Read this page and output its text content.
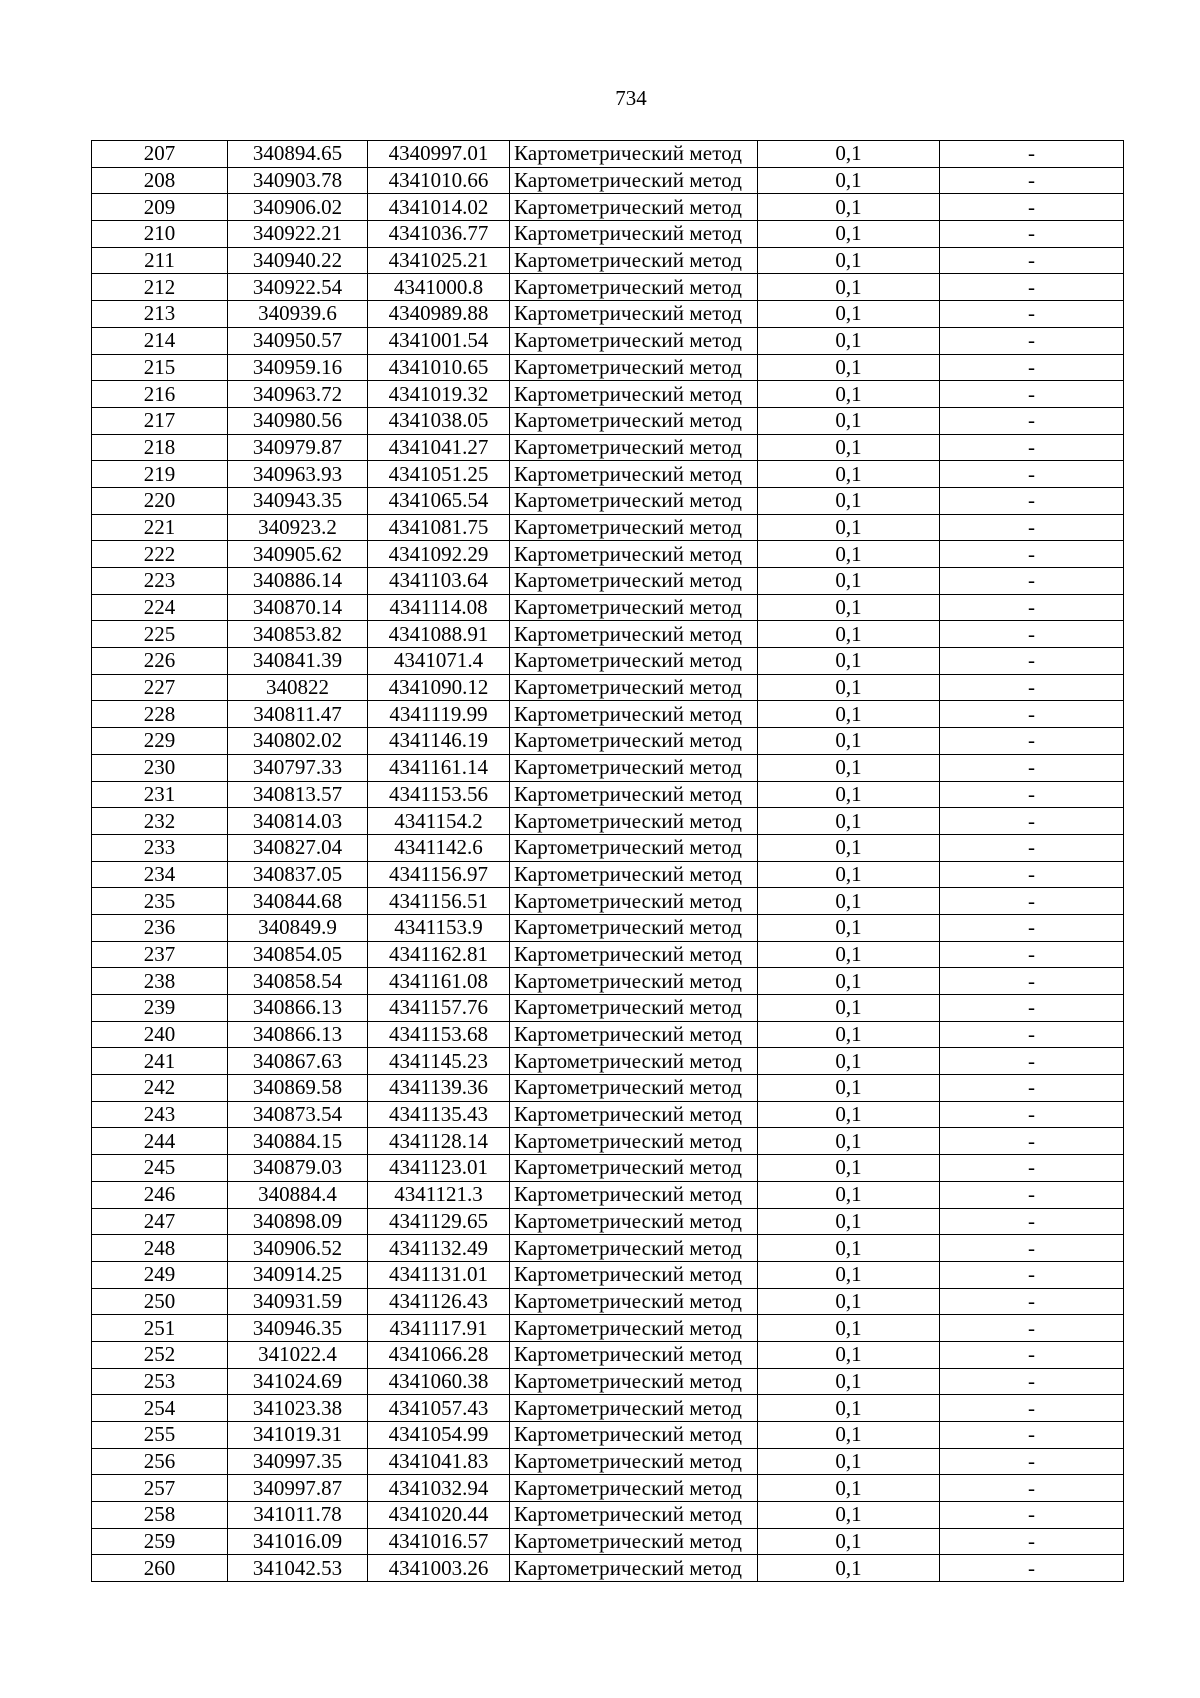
734
207	340894.65	4340997.01	Картометрический метод	0,1	-
208	340903.78	4341010.66	Картометрический метод	0,1	-
209	340906.02	4341014.02	Картометрический метод	0,1	-
210	340922.21	4341036.77	Картометрический метод	0,1	-
211	340940.22	4341025.21	Картометрический метод	0,1	-
212	340922.54	4341000.8	Картометрический метод	0,1	-
213	340939.6	4340989.88	Картометрический метод	0,1	-
214	340950.57	4341001.54	Картометрический метод	0,1	-
215	340959.16	4341010.65	Картометрический метод	0,1	-
216	340963.72	4341019.32	Картометрический метод	0,1	-
217	340980.56	4341038.05	Картометрический метод	0,1	-
218	340979.87	4341041.27	Картометрический метод	0,1	-
219	340963.93	4341051.25	Картометрический метод	0,1	-
220	340943.35	4341065.54	Картометрический метод	0,1	-
221	340923.2	4341081.75	Картометрический метод	0,1	-
222	340905.62	4341092.29	Картометрический метод	0,1	-
223	340886.14	4341103.64	Картометрический метод	0,1	-
224	340870.14	4341114.08	Картометрический метод	0,1	-
225	340853.82	4341088.91	Картометрический метод	0,1	-
226	340841.39	4341071.4	Картометрический метод	0,1	-
227	340822	4341090.12	Картометрический метод	0,1	-
228	340811.47	4341119.99	Картометрический метод	0,1	-
229	340802.02	4341146.19	Картометрический метод	0,1	-
230	340797.33	4341161.14	Картометрический метод	0,1	-
231	340813.57	4341153.56	Картометрический метод	0,1	-
232	340814.03	4341154.2	Картометрический метод	0,1	-
233	340827.04	4341142.6	Картометрический метод	0,1	-
234	340837.05	4341156.97	Картометрический метод	0,1	-
235	340844.68	4341156.51	Картометрический метод	0,1	-
236	340849.9	4341153.9	Картометрический метод	0,1	-
237	340854.05	4341162.81	Картометрический метод	0,1	-
238	340858.54	4341161.08	Картометрический метод	0,1	-
239	340866.13	4341157.76	Картометрический метод	0,1	-
240	340866.13	4341153.68	Картометрический метод	0,1	-
241	340867.63	4341145.23	Картометрический метод	0,1	-
242	340869.58	4341139.36	Картометрический метод	0,1	-
243	340873.54	4341135.43	Картометрический метод	0,1	-
244	340884.15	4341128.14	Картометрический метод	0,1	-
245	340879.03	4341123.01	Картометрический метод	0,1	-
246	340884.4	4341121.3	Картометрический метод	0,1	-
247	340898.09	4341129.65	Картометрический метод	0,1	-
248	340906.52	4341132.49	Картометрический метод	0,1	-
249	340914.25	4341131.01	Картометрический метод	0,1	-
250	340931.59	4341126.43	Картометрический метод	0,1	-
251	340946.35	4341117.91	Картометрический метод	0,1	-
252	341022.4	4341066.28	Картометрический метод	0,1	-
253	341024.69	4341060.38	Картометрический метод	0,1	-
254	341023.38	4341057.43	Картометрический метод	0,1	-
255	341019.31	4341054.99	Картометрический метод	0,1	-
256	340997.35	4341041.83	Картометрический метод	0,1	-
257	340997.87	4341032.94	Картометрический метод	0,1	-
258	341011.78	4341020.44	Картометрический метод	0,1	-
259	341016.09	4341016.57	Картометрический метод	0,1	-
260	341042.53	4341003.26	Картометрический метод	0,1	-
